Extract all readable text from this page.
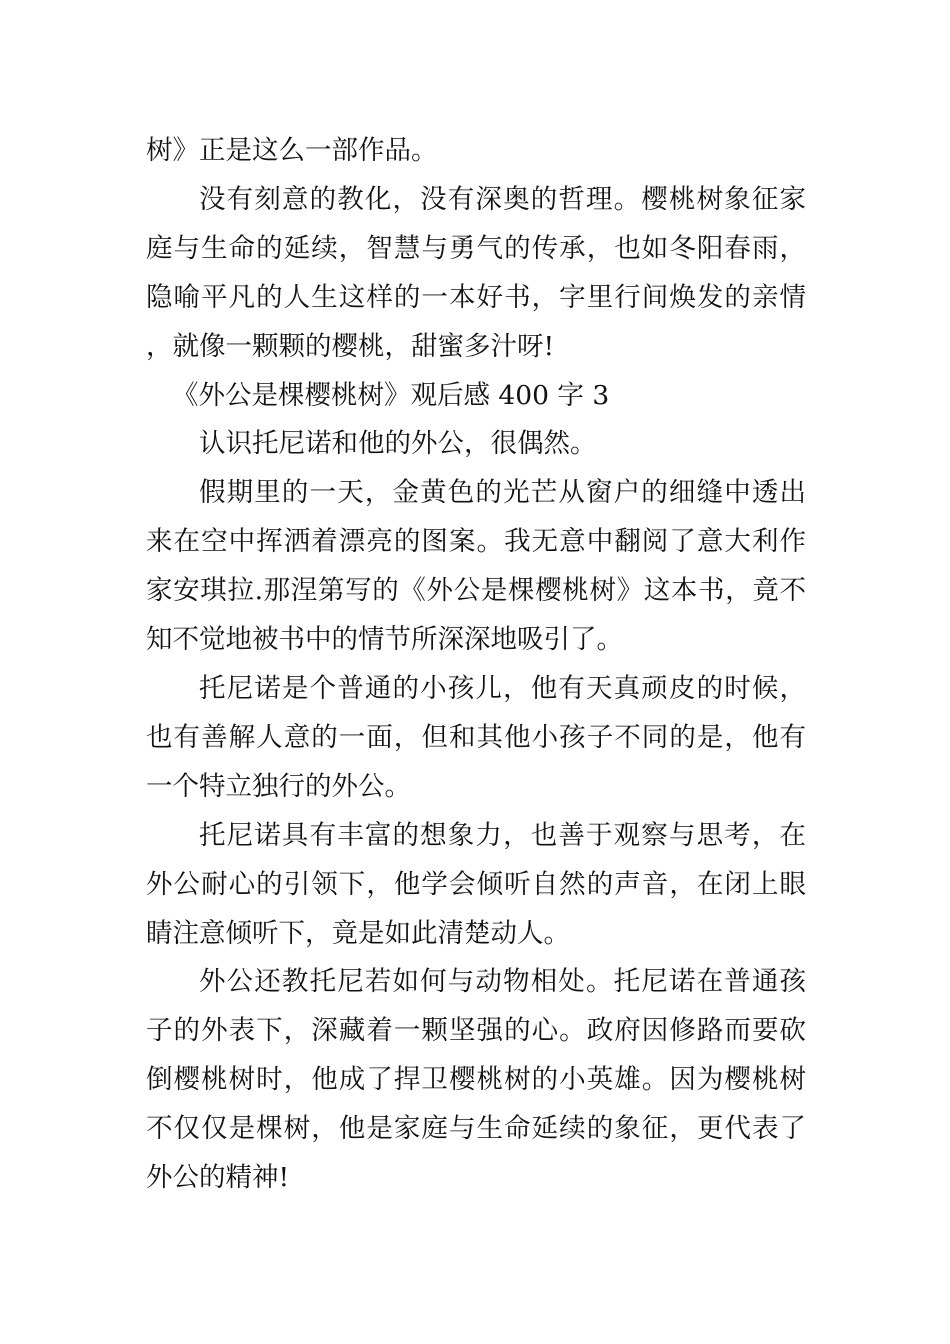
树》正是这么一部作品。

没有刻意的教化，没有深奥的哲理。樱桃树象征家庭与生命的延续，智慧与勇气的传承，也如冬阳春雨，隐喻平凡的人生这样的一本好书，字里行间焕发的亲情，就像一颗颗的樱桃，甜蜜多汁呀!

《外公是棵樱桃树》观后感 400 字 3

认识托尼诺和他的外公，很偶然。

假期里的一天，金黄色的光芒从窗户的细缝中透出来在空中挥洒着漂亮的图案。我无意中翻阅了意大利作家安琪拉.那涅第写的《外公是棵樱桃树》这本书，竟不知不觉地被书中的情节所深深地吸引了。

托尼诺是个普通的小孩儿，他有天真顽皮的时候，也有善解人意的一面，但和其他小孩子不同的是，他有一个特立独行的外公。

托尼诺具有丰富的想象力，也善于观察与思考，在外公耐心的引领下，他学会倾听自然的声音，在闭上眼睛注意倾听下，竟是如此清楚动人。

外公还教托尼若如何与动物相处。托尼诺在普通孩子的外表下，深藏着一颗坚强的心。政府因修路而要砍倒樱桃树时，他成了捍卫樱桃树的小英雄。因为樱桃树不仅仅是棵树，他是家庭与生命延续的象征，更代表了外公的精神!
